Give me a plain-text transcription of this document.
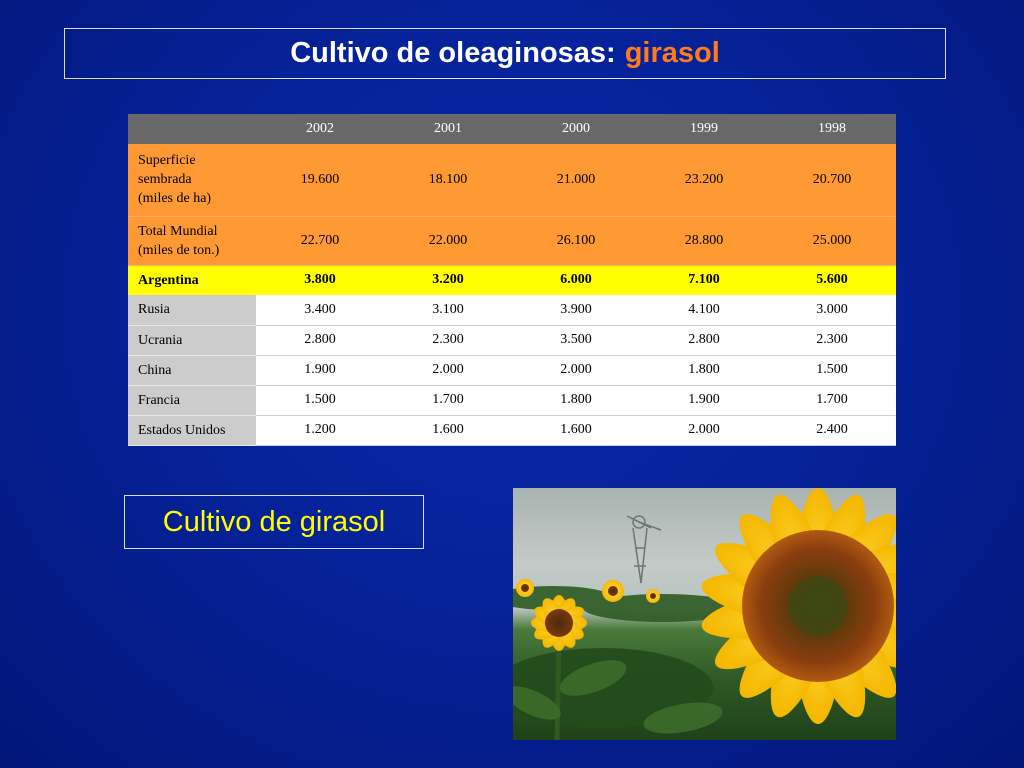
Cultivo de oleaginosas: girasol
	2002	2001	2000	1999	1998
Superficie
sembrada
(miles de ha)	19.600	18.100	21.000	23.200	20.700
Total Mundial
(miles de ton.)	22.700	22.000	26.100	28.800	25.000
Argentina	3.800	3.200	6.000	7.100	5.600
Rusia	3.400	3.100	3.900	4.100	3.000
Ucrania	2.800	2.300	3.500	2.800	2.300
China	1.900	2.000	2.000	1.800	1.500
Francia	1.500	1.700	1.800	1.900	1.700
Estados Unidos	1.200	1.600	1.600	2.000	2.400
Cultivo de girasol
